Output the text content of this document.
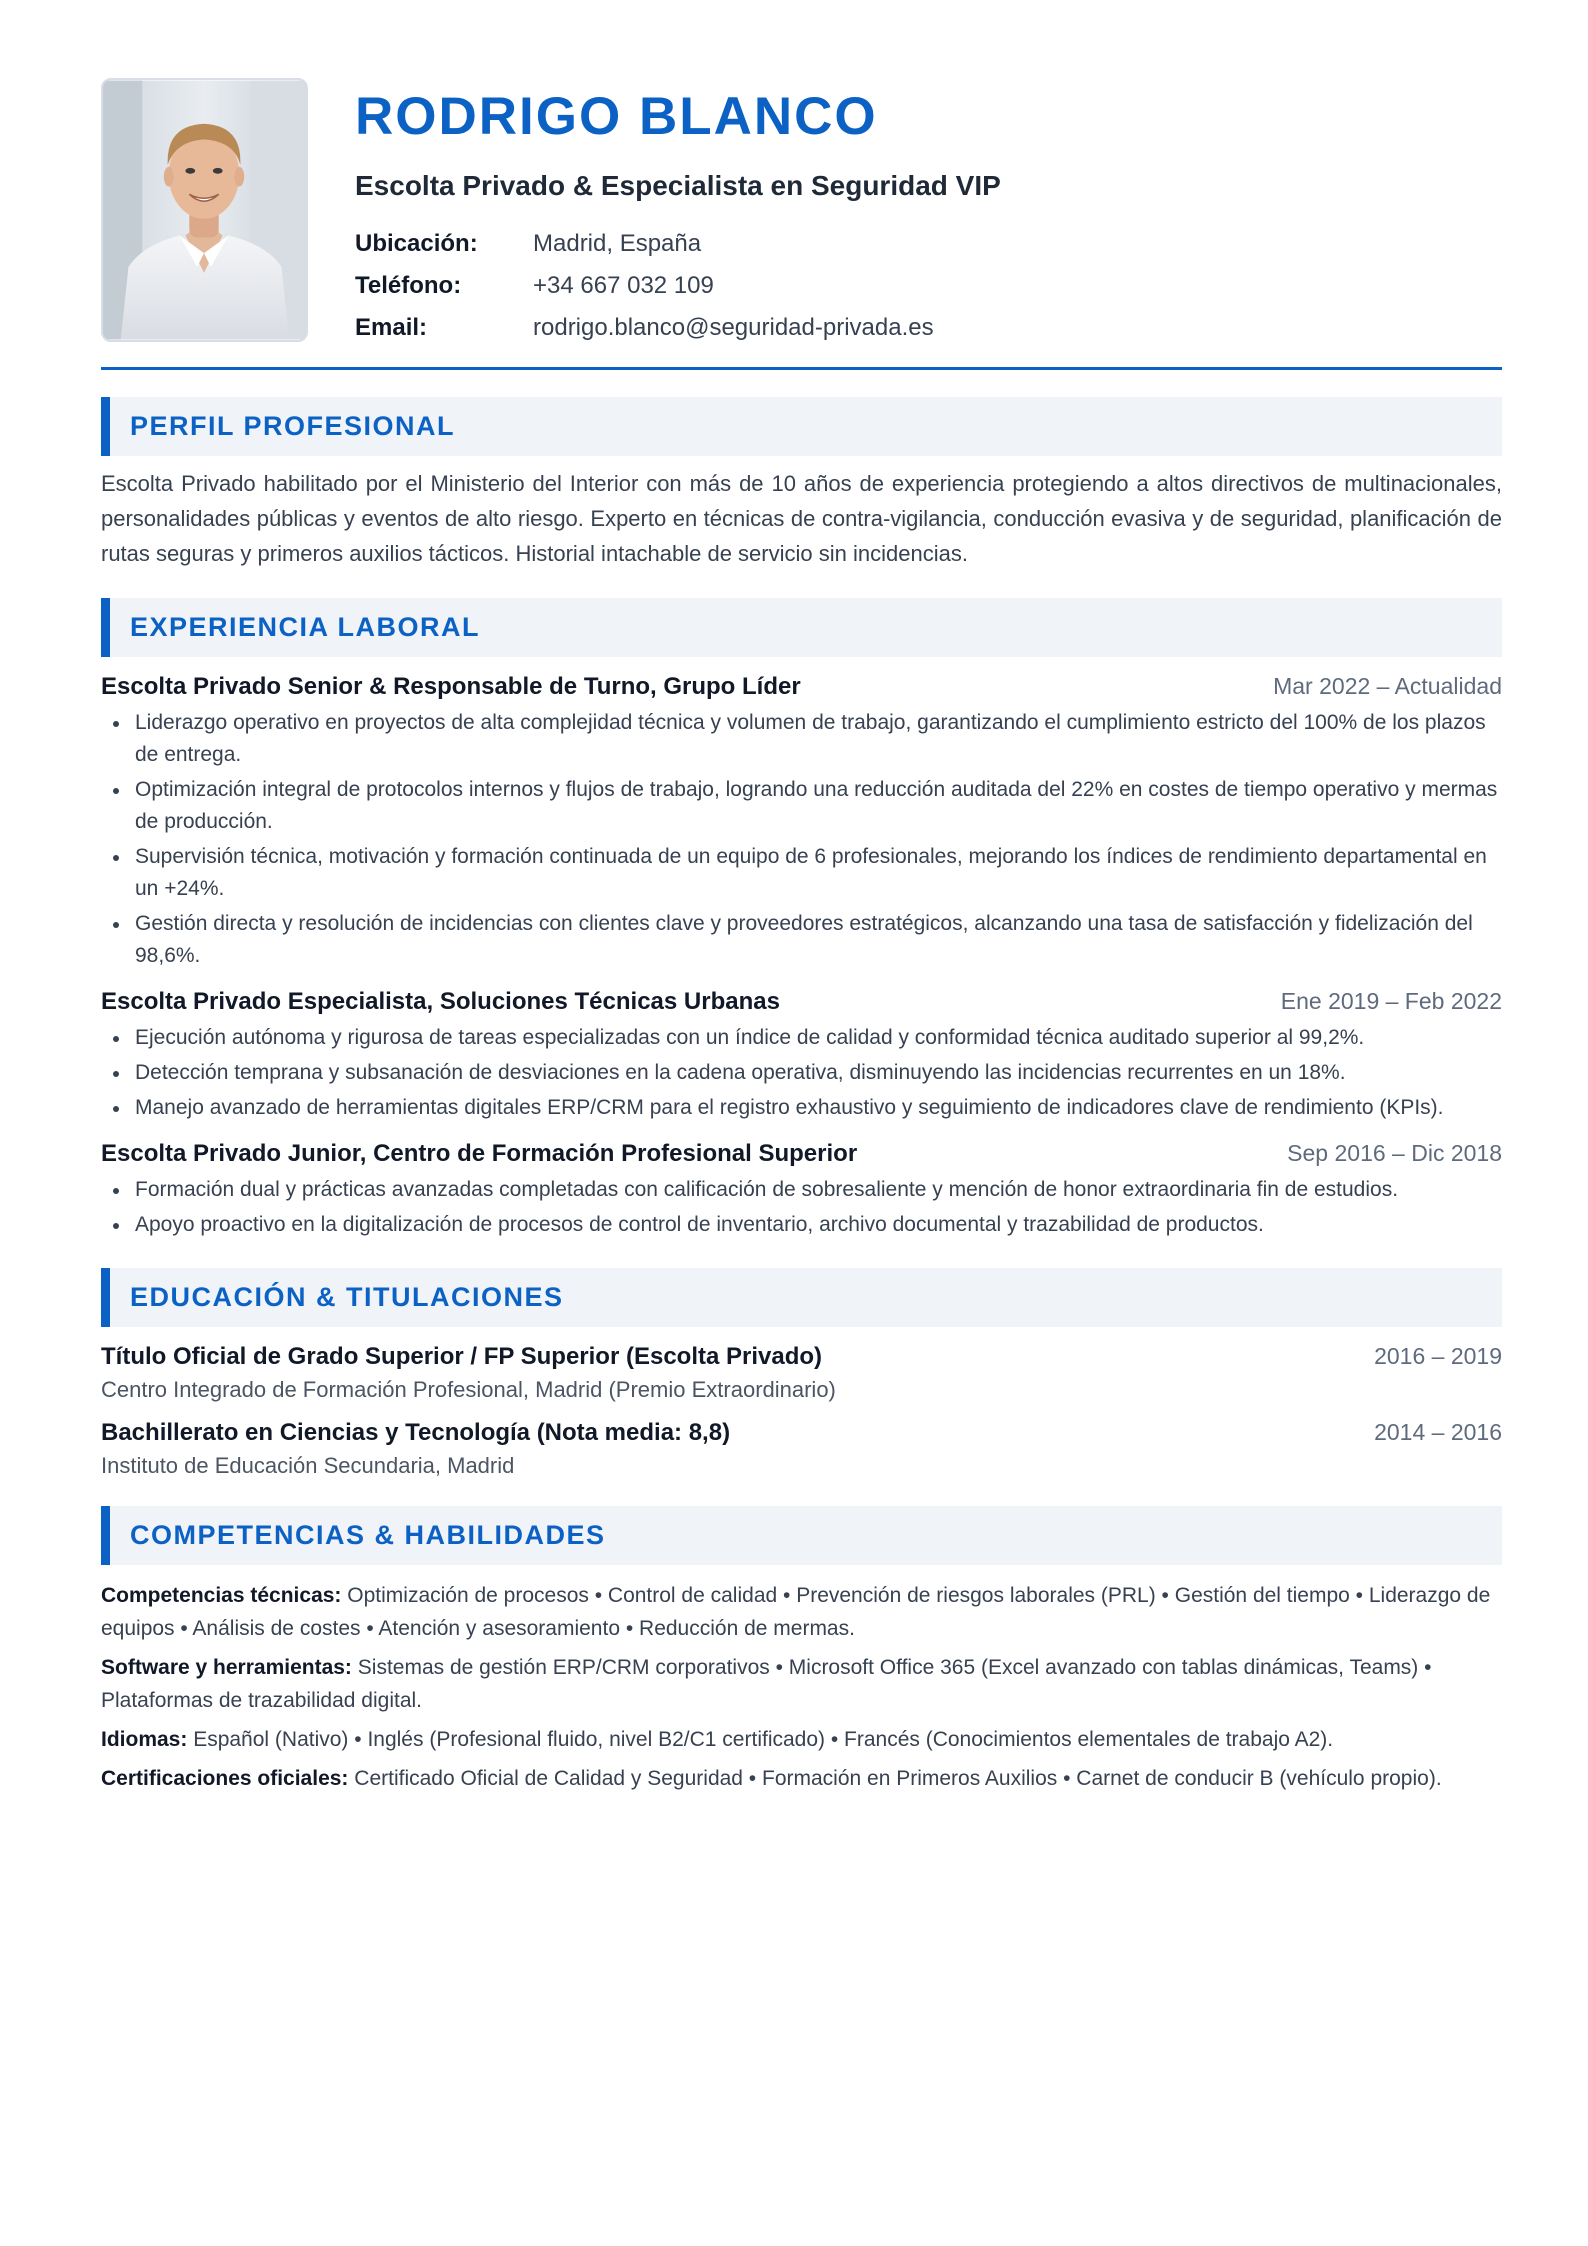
RODRIGO BLANCO
Escolta Privado & Especialista en Seguridad VIP
Ubicación:	Madrid, España
Teléfono:	+34 667 032 109
Email:	rodrigo.blanco@seguridad-privada.es
PERFIL PROFESIONAL

Escolta Privado habilitado por el Ministerio del Interior con más de 10 años de experiencia protegiendo a altos directivos de multinacionales, personalidades públicas y eventos de alto riesgo. Experto en técnicas de contra-vigilancia, conducción evasiva y de seguridad, planificación de rutas seguras y primeros auxilios tácticos. Historial intachable de servicio sin incidencias.

EXPERIENCIA LABORAL
Escolta Privado Senior & Responsable de Turno, Grupo Líder	Mar 2022 – Actualidad
Liderazgo operativo en proyectos de alta complejidad técnica y volumen de trabajo, garantizando el cumplimiento estricto del 100% de los plazos de entrega.
Optimización integral de protocolos internos y flujos de trabajo, logrando una reducción auditada del 22% en costes de tiempo operativo y mermas de producción.
Supervisión técnica, motivación y formación continuada de un equipo de 6 profesionales, mejorando los índices de rendimiento departamental en un +24%.
Gestión directa y resolución de incidencias con clientes clave y proveedores estratégicos, alcanzando una tasa de satisfacción y fidelización del 98,6%.
Escolta Privado Especialista, Soluciones Técnicas Urbanas	Ene 2019 – Feb 2022
Ejecución autónoma y rigurosa de tareas especializadas con un índice de calidad y conformidad técnica auditado superior al 99,2%.
Detección temprana y subsanación de desviaciones en la cadena operativa, disminuyendo las incidencias recurrentes en un 18%.
Manejo avanzado de herramientas digitales ERP/CRM para el registro exhaustivo y seguimiento de indicadores clave de rendimiento (KPIs).
Escolta Privado Junior, Centro de Formación Profesional Superior	Sep 2016 – Dic 2018
Formación dual y prácticas avanzadas completadas con calificación de sobresaliente y mención de honor extraordinaria fin de estudios.
Apoyo proactivo en la digitalización de procesos de control de inventario, archivo documental y trazabilidad de productos.
EDUCACIÓN & TITULACIONES
Título Oficial de Grado Superior / FP Superior (Escolta Privado)	2016 – 2019
Centro Integrado de Formación Profesional, Madrid (Premio Extraordinario)
Bachillerato en Ciencias y Tecnología (Nota media: 8,8)	2014 – 2016
Instituto de Educación Secundaria, Madrid
COMPETENCIAS & HABILIDADES

Competencias técnicas: Optimización de procesos • Control de calidad • Prevención de riesgos laborales (PRL) • Gestión del tiempo • Liderazgo de equipos • Análisis de costes • Atención y asesoramiento • Reducción de mermas.

Software y herramientas: Sistemas de gestión ERP/CRM corporativos • Microsoft Office 365 (Excel avanzado con tablas dinámicas, Teams) • Plataformas de trazabilidad digital.

Idiomas: Español (Nativo) • Inglés (Profesional fluido, nivel B2/C1 certificado) • Francés (Conocimientos elementales de trabajo A2).

Certificaciones oficiales: Certificado Oficial de Calidad y Seguridad • Formación en Primeros Auxilios • Carnet de conducir B (vehículo propio).
